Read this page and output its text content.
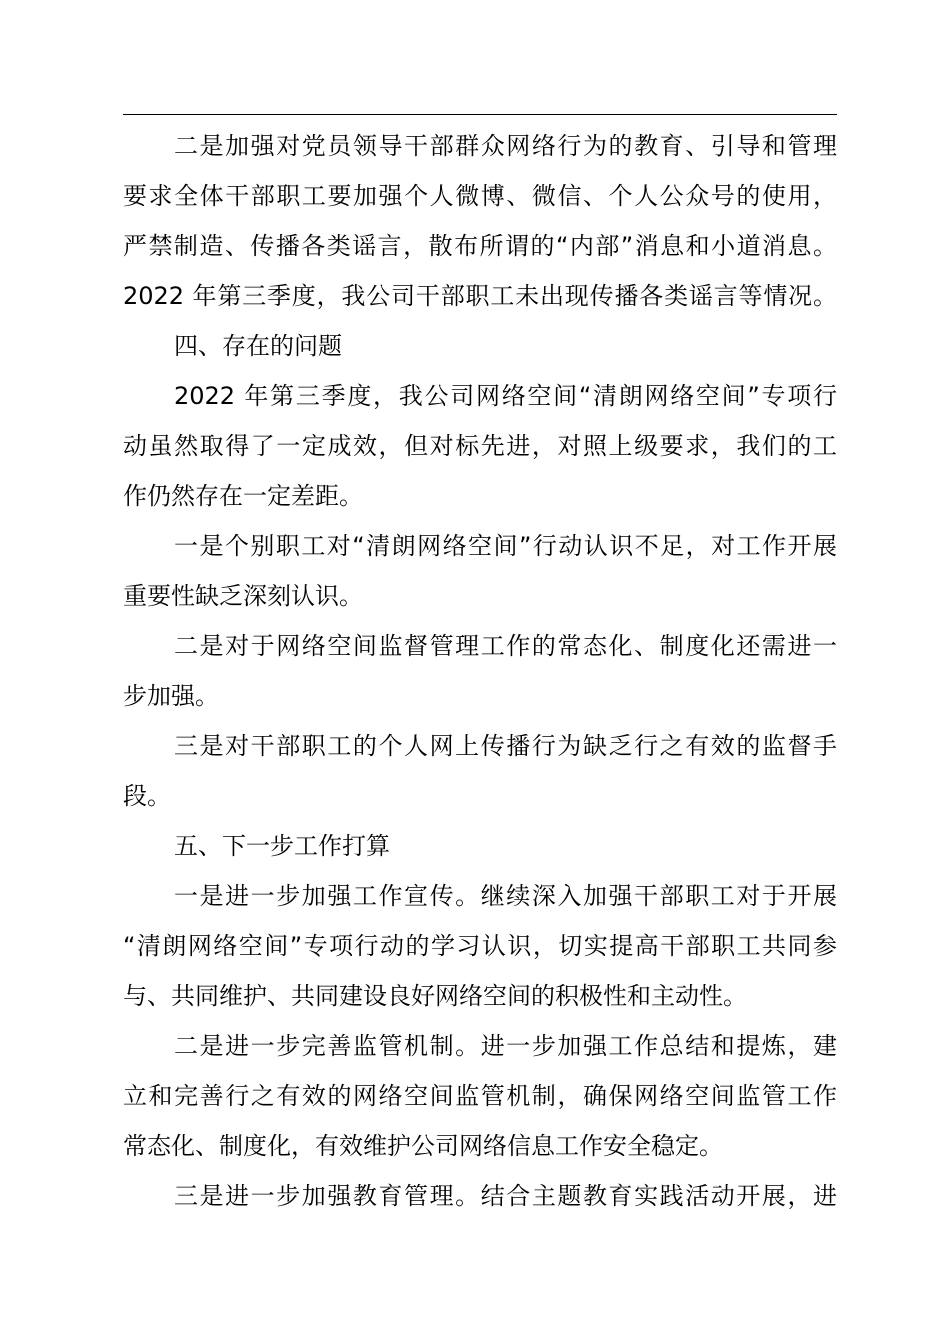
二是加强对党员领导干部群众网络行为的教育、引导和管理
要求全体干部职工要加强个人微博、微信、个人公众号的使用，
严禁制造、传播各类谣言，散布所谓的“内部”消息和小道消息。
2022 年第三季度，我公司干部职工未出现传播各类谣言等情况。
四、存在的问题
2022 年第三季度，我公司网络空间“清朗网络空间”专项行
动虽然取得了一定成效，但对标先进，对照上级要求，我们的工
作仍然存在一定差距。
一是个别职工对“清朗网络空间”行动认识不足，对工作开展
重要性缺乏深刻认识。
二是对于网络空间监督管理工作的常态化、制度化还需进一
步加强。
三是对干部职工的个人网上传播行为缺乏行之有效的监督手
段。
五、下一步工作打算
一是进一步加强工作宣传。继续深入加强干部职工对于开展
“清朗网络空间”专项行动的学习认识，切实提高干部职工共同参
与、共同维护、共同建设良好网络空间的积极性和主动性。
二是进一步完善监管机制。进一步加强工作总结和提炼，建
立和完善行之有效的网络空间监管机制，确保网络空间监管工作
常态化、制度化，有效维护公司网络信息工作安全稳定。
三是进一步加强教育管理。结合主题教育实践活动开展，进
